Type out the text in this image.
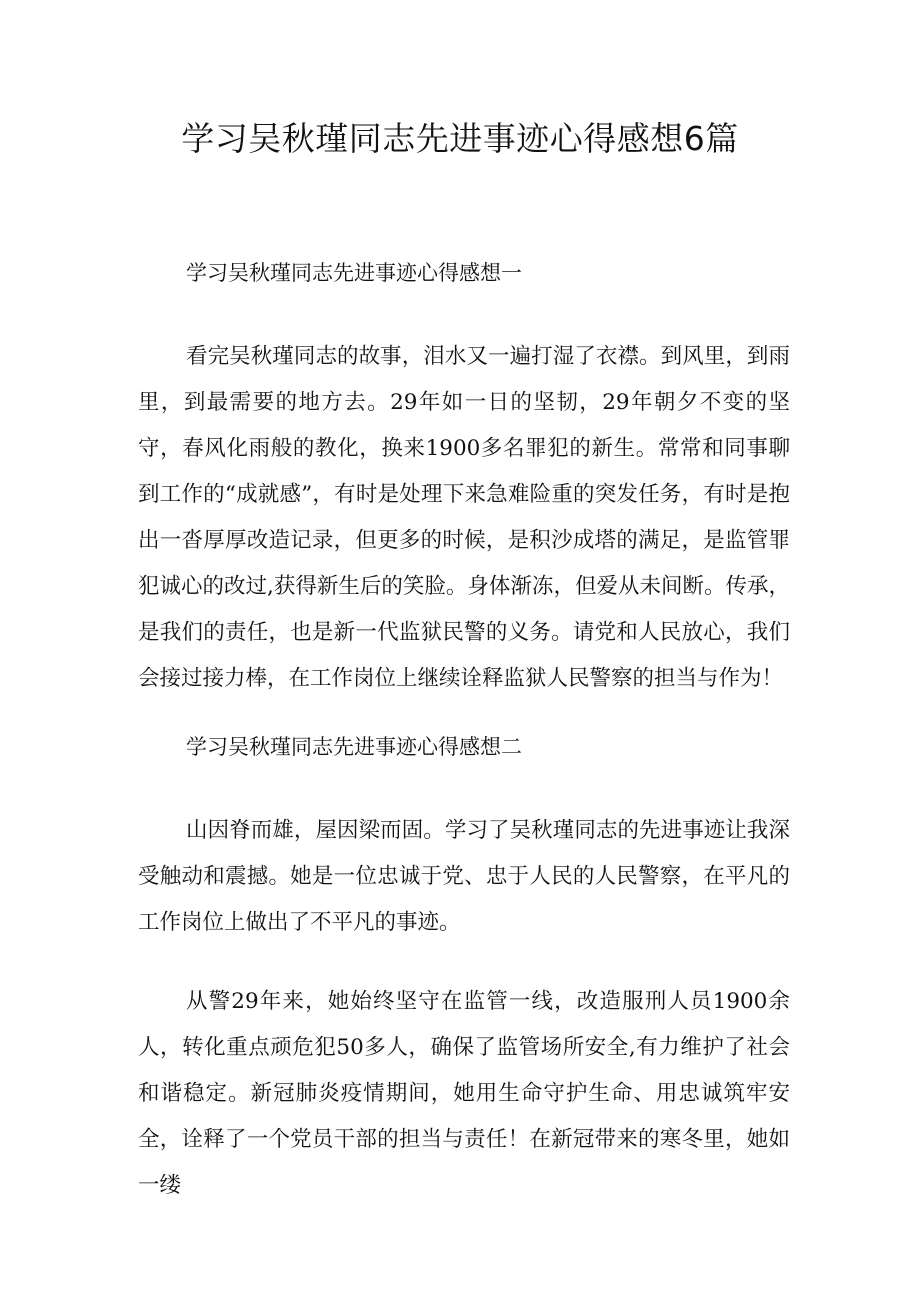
学习吴秋瑾同志先进事迹心得感想6篇
学习吴秋瑾同志先进事迹心得感想一

看完吴秋瑾同志的故事，泪水又一遍打湿了衣襟。到风里，到雨里，到最需要的地方去。29年如一日的坚韧，29年朝夕不变的坚守，春风化雨般的教化，换来1900多名罪犯的新生。常常和同事聊到工作的“成就感”，有时是处理下来急难险重的突发任务，有时是抱出一沓厚厚改造记录，但更多的时候，是积沙成塔的满足，是监管罪犯诚心的改过,获得新生后的笑脸。身体渐冻，但爱从未间断。传承，是我们的责任，也是新一代监狱民警的义务。请党和人民放心，我们会接过接力棒，在工作岗位上继续诠释监狱人民警察的担当与作为！

学习吴秋瑾同志先进事迹心得感想二

山因脊而雄，屋因梁而固。学习了吴秋瑾同志的先进事迹让我深受触动和震撼。她是一位忠诚于党、忠于人民的人民警察，在平凡的工作岗位上做出了不平凡的事迹。

从警29年来，她始终坚守在监管一线，改造服刑人员1900余人，转化重点顽危犯50多人，确保了监管场所安全,有力维护了社会和谐稳定。新冠肺炎疫情期间，她用生命守护生命、用忠诚筑牢安全，诠释了一个党员干部的担当与责任！在新冠带来的寒冬里，她如一缕
